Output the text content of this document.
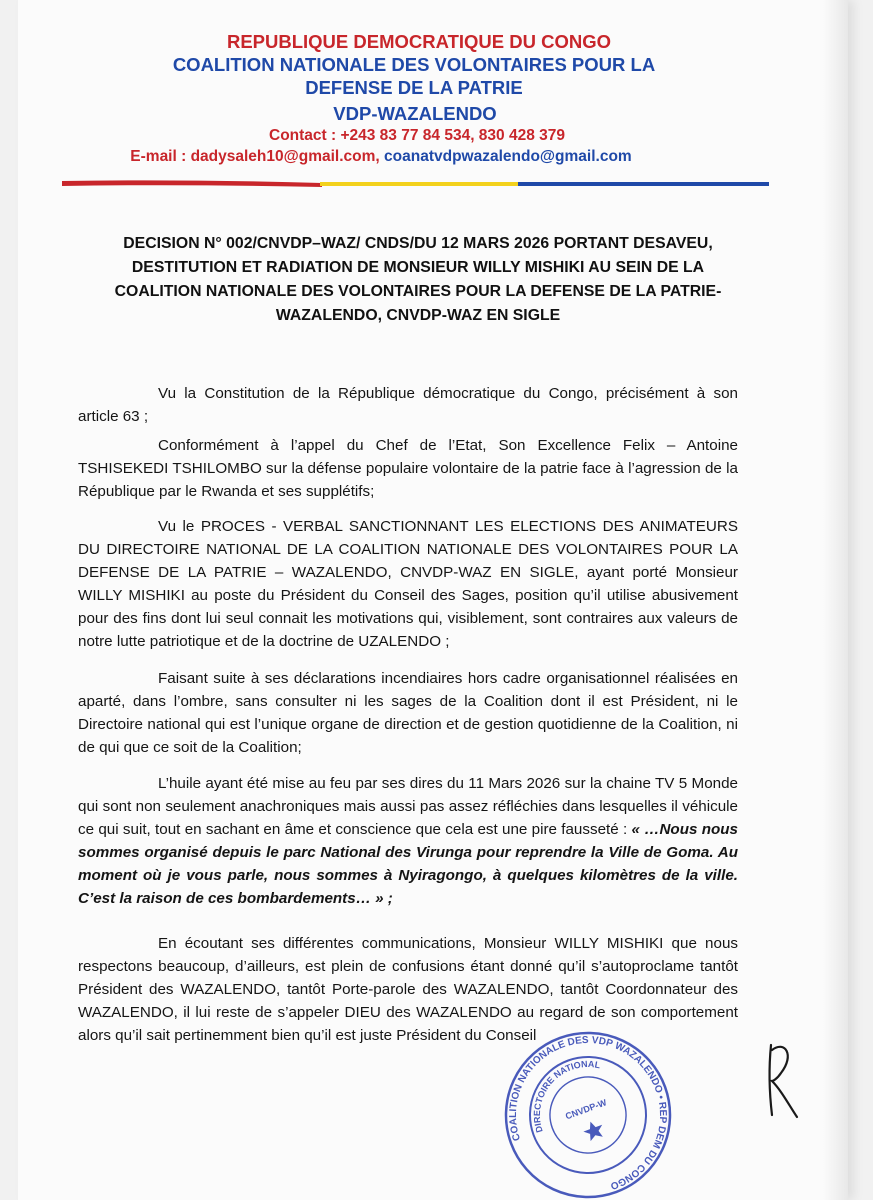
REPUBLIQUE DEMOCRATIQUE DU CONGO
COALITION NATIONALE DES VOLONTAIRES POUR LA DEFENSE DE LA PATRIE
VDP-WAZALENDO
Contact : +243 83 77 84 534, 830 428 379
E-mail : dadysaleh10@gmail.com, coanatvdpwazalendo@gmail.com
DECISION N° 002/CNVDP–WAZ/ CNDS/DU 12 MARS 2026 PORTANT DESAVEU, DESTITUTION ET RADIATION DE MONSIEUR WILLY MISHIKI AU SEIN DE LA COALITION NATIONALE DES VOLONTAIRES POUR LA DEFENSE DE LA PATRIE-WAZALENDO, CNVDP-WAZ EN SIGLE
Vu la Constitution de la République démocratique du Congo, précisément à son article 63 ;
Conformément à l’appel du Chef de l’Etat, Son Excellence Felix – Antoine TSHISEKEDI TSHILOMBO sur la défense populaire volontaire de la patrie face à l’agression de la République par le Rwanda et ses supplétifs;
Vu le PROCES - VERBAL SANCTIONNANT LES ELECTIONS DES ANIMATEURS DU DIRECTOIRE NATIONAL DE LA COALITION NATIONALE DES VOLONTAIRES POUR LA DEFENSE DE LA PATRIE – WAZALENDO, CNVDP-WAZ EN SIGLE, ayant porté Monsieur WILLY MISHIKI au poste du Président du Conseil des Sages, position qu’il utilise abusivement pour des fins dont lui seul connait les motivations qui, visiblement, sont contraires aux valeurs de notre lutte patriotique et de la doctrine de UZALENDO ;
Faisant suite à ses déclarations incendiaires hors cadre organisationnel réalisées en aparté, dans l’ombre, sans consulter ni les sages de la Coalition dont il est Président, ni le Directoire national qui est l’unique organe de direction et de gestion quotidienne de la Coalition, ni de qui que ce soit de la Coalition;
L’huile ayant été mise au feu par ses dires du 11 Mars 2026 sur la chaine TV 5 Monde qui sont non seulement anachroniques mais aussi pas assez réfléchies dans lesquelles il véhicule ce qui suit, tout en sachant en âme et conscience que cela est une pire fausseté : « …Nous nous sommes organisé depuis le parc National des Virunga pour reprendre la Ville de Goma. Au moment où je vous parle, nous sommes à Nyiragongo, à quelques kilomètres de la ville. C’est la raison de ces bombardements… » ;
En écoutant ses différentes communications, Monsieur WILLY MISHIKI que nous respectons beaucoup, d’ailleurs, est plein de confusions étant donné qu’il s’autoproclame tantôt Président des WAZALENDO, tantôt Porte-parole des WAZALENDO, tantôt Coordonnateur des WAZALENDO, il lui reste de s’appeler DIEU des WAZALENDO au regard de son comportement alors qu’il sait pertinemment bien qu’il est juste Président du Conseil
COALITION NATIONALE DES VDP WAZALENDO • REP DEM DU CONGO
DIRECTOIRE NATIONAL
CNVDP-W
